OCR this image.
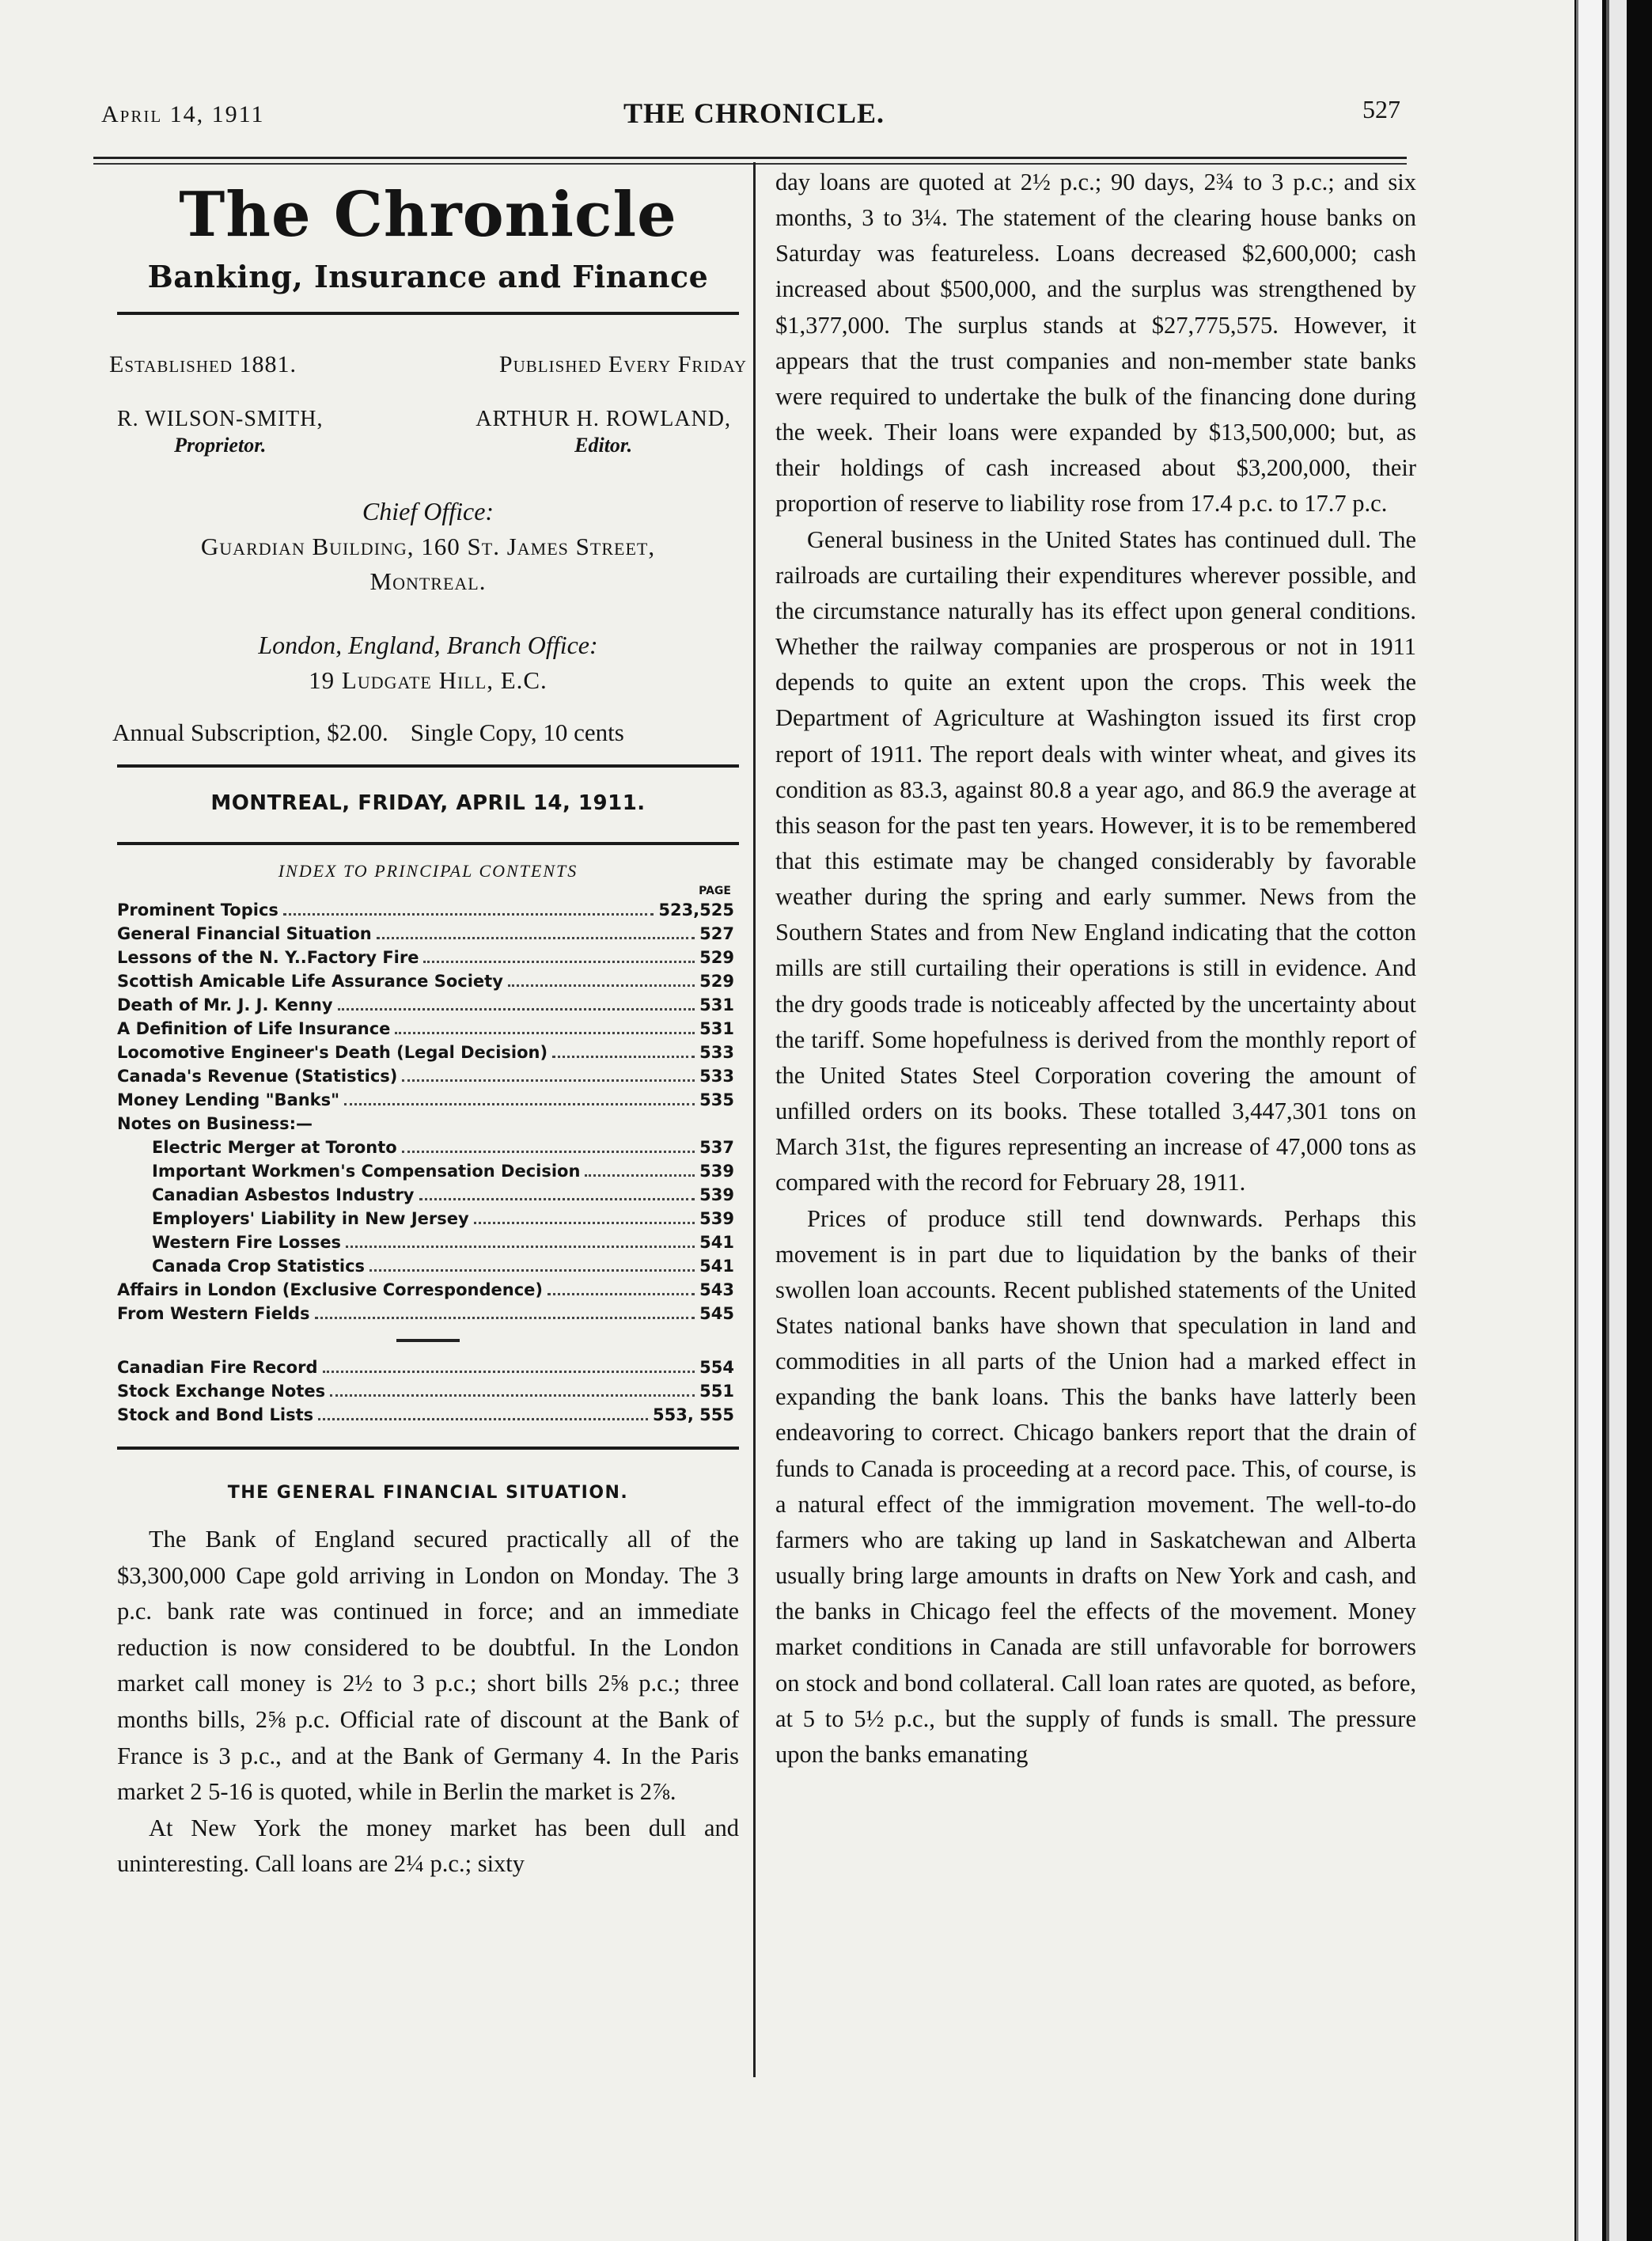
April 14, 1911	THE CHRONICLE.	527
The Chronicle
Banking, Insurance and Finance
Established 1881.	Published Every Friday
R. WILSON-SMITH,
Proprietor.
ARTHUR H. ROWLAND,
Editor.
Chief Office:
Guardian Building, 160 St. James Street,
Montreal.
London, England, Branch Office:
19 Ludgate Hill, E.C.
Annual Subscription, $2.00. Single Copy, 10 cents
MONTREAL, FRIDAY, APRIL 14, 1911.
INDEX TO PRINCIPAL CONTENTS
PAGE
Prominent Topics	523,525
General Financial Situation	527
Lessons of the N. Y..Factory Fire	529
Scottish Amicable Life Assurance Society	529
Death of Mr. J. J. Kenny	531
A Definition of Life Insurance	531
Locomotive Engineer's Death (Legal Decision)	533
Canada's Revenue (Statistics)	533
Money Lending "Banks"	535
Notes on Business:—
Electric Merger at Toronto	537
Important Workmen's Compensation Decision	539
Canadian Asbestos Industry	539
Employers' Liability in New Jersey	539
Western Fire Losses	541
Canada Crop Statistics	541
Affairs in London (Exclusive Correspondence)	543
From Western Fields	545
Canadian Fire Record	554
Stock Exchange Notes	551
Stock and Bond Lists	553, 555
THE GENERAL FINANCIAL SITUATION.

The Bank of England secured practically all of the $3,300,000 Cape gold arriving in London on Monday. The 3 p.c. bank rate was continued in force; and an immediate reduction is now considered to be doubtful. In the London market call money is 2½ to 3 p.c.; short bills 2⅝ p.c.; three months bills, 2⅝ p.c. Official rate of discount at the Bank of France is 3 p.c., and at the Bank of Germany 4. In the Paris market 2 5-16 is quoted, while in Berlin the market is 2⅞.

At New York the money market has been dull and uninteresting. Call loans are 2¼ p.c.; sixty

day loans are quoted at 2½ p.c.; 90 days, 2¾ to 3 p.c.; and six months, 3 to 3¼. The statement of the clearing house banks on Saturday was featureless. Loans decreased $2,600,000; cash increased about $500,000, and the surplus was strengthened by $1,377,000. The surplus stands at $27,775,575. However, it appears that the trust companies and non-member state banks were required to undertake the bulk of the financing done during the week. Their loans were expanded by $13,500,000; but, as their holdings of cash increased about $3,200,000, their proportion of reserve to liability rose from 17.4 p.c. to 17.7 p.c.

General business in the United States has continued dull. The railroads are curtailing their expenditures wherever possible, and the circumstance naturally has its effect upon general conditions. Whether the railway companies are prosperous or not in 1911 depends to quite an extent upon the crops. This week the Department of Agriculture at Washington issued its first crop report of 1911. The report deals with winter wheat, and gives its condition as 83.3, against 80.8 a year ago, and 86.9 the average at this season for the past ten years. However, it is to be remembered that this estimate may be changed considerably by favorable weather during the spring and early summer. News from the Southern States and from New England indicating that the cotton mills are still curtailing their operations is still in evidence. And the dry goods trade is noticeably affected by the uncertainty about the tariff. Some hopefulness is derived from the monthly report of the United States Steel Corporation covering the amount of unfilled orders on its books. These totalled 3,447,301 tons on March 31st, the figures representing an increase of 47,000 tons as compared with the record for February 28, 1911.

Prices of produce still tend downwards. Perhaps this movement is in part due to liquidation by the banks of their swollen loan accounts. Recent published statements of the United States national banks have shown that speculation in land and commodities in all parts of the Union had a marked effect in expanding the bank loans. This the banks have latterly been endeavoring to correct. Chicago bankers report that the drain of funds to Canada is proceeding at a record pace. This, of course, is a natural effect of the immigration movement. The well-to-do farmers who are taking up land in Saskatchewan and Alberta usually bring large amounts in drafts on New York and cash, and the banks in Chicago feel the effects of the movement. Money market conditions in Canada are still unfavorable for borrowers on stock and bond collateral. Call loan rates are quoted, as before, at 5 to 5½ p.c., but the supply of funds is small. The pressure upon the banks emanating
